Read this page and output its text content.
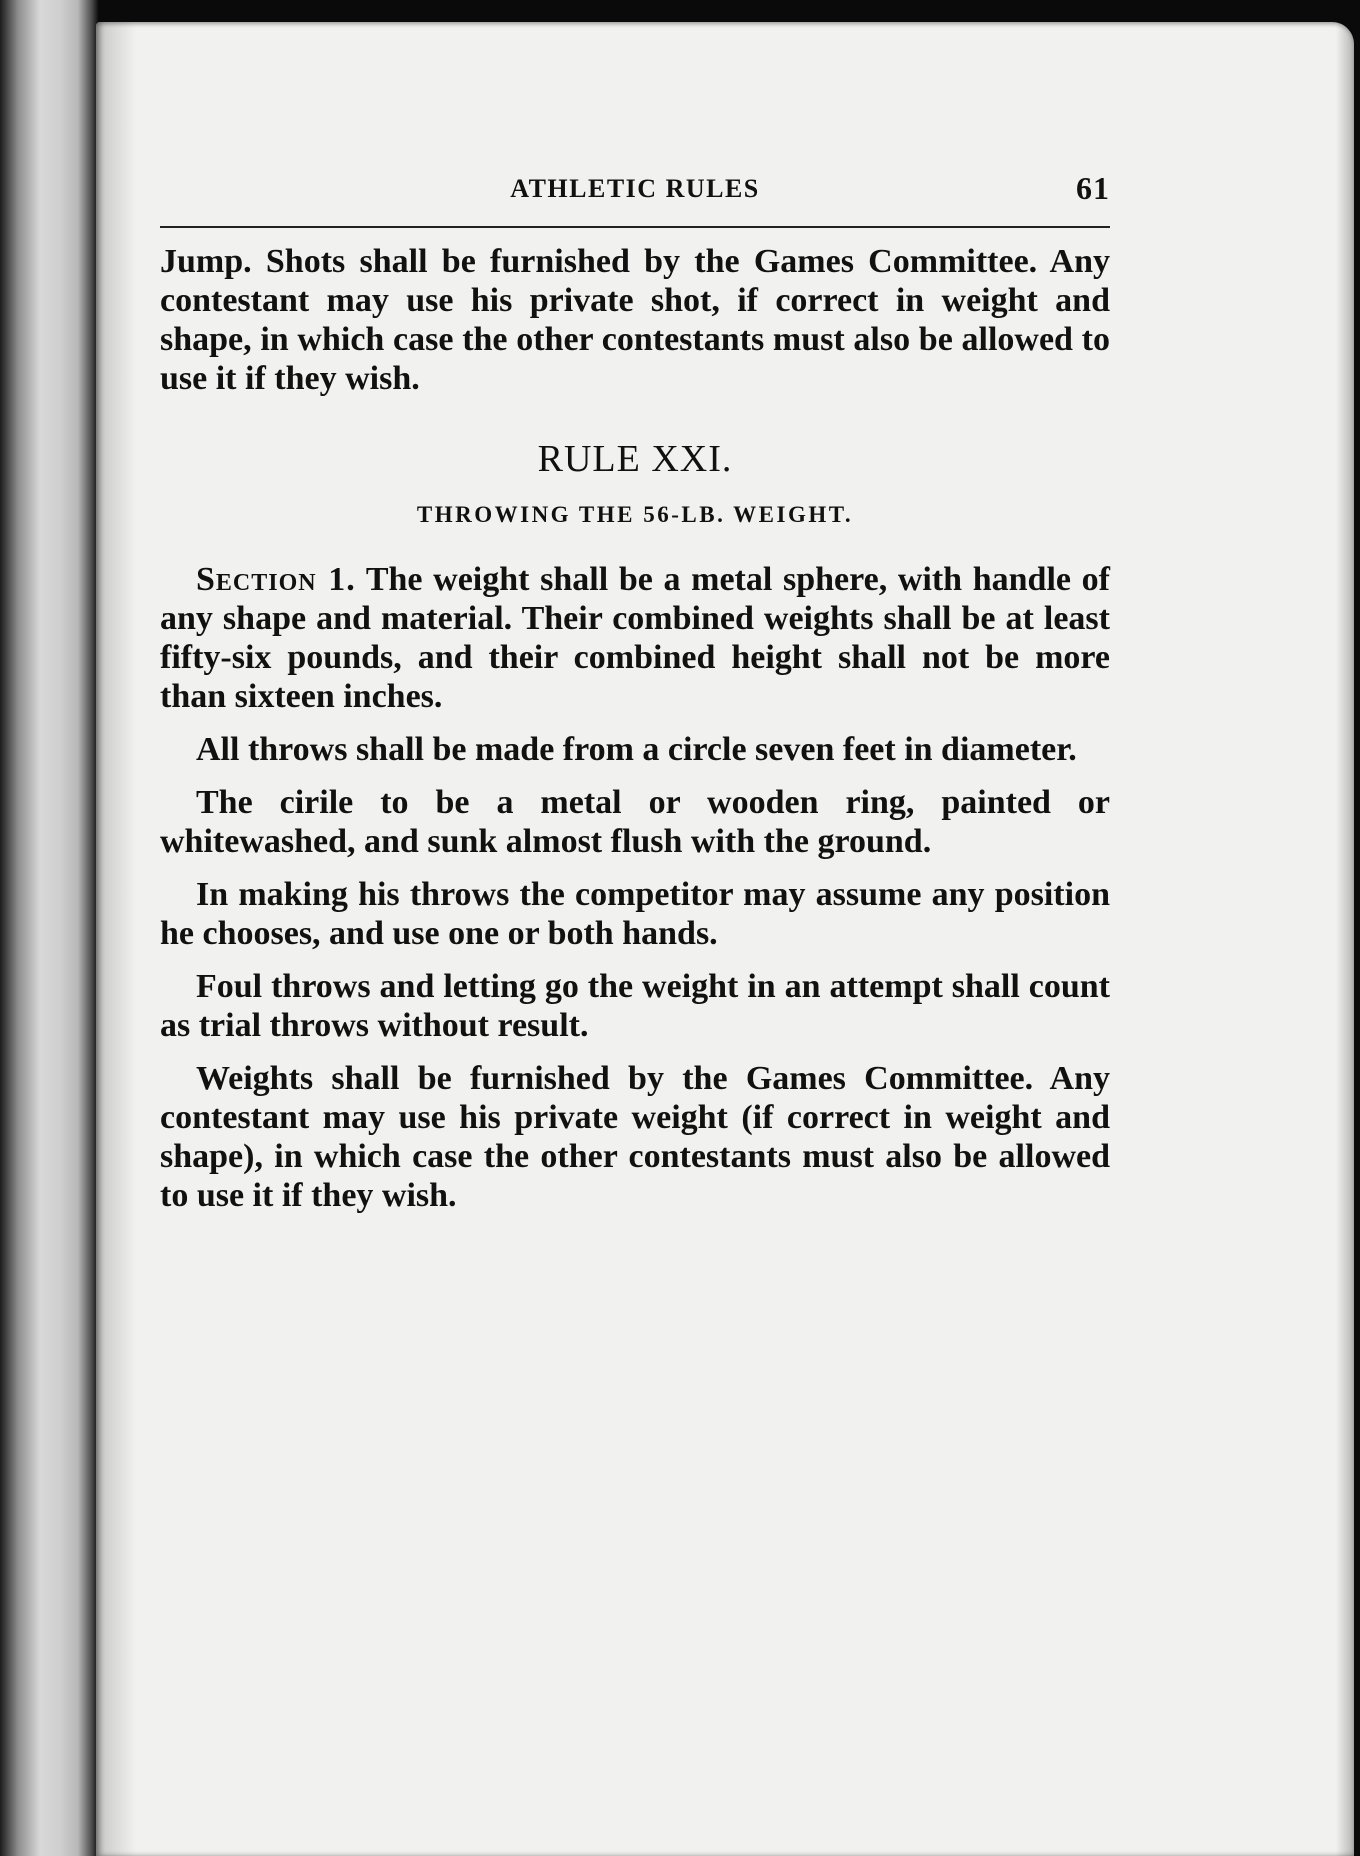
ATHLETIC RULES	61

Jump. Shots shall be furnished by the Games Committee. Any contestant may use his private shot, if correct in weight and shape, in which case the other contestants must also be allowed to use it if they wish.

RULE XXI.

THROWING THE 56-LB. WEIGHT.

Section 1. The weight shall be a metal sphere, with handle of any shape and material. Their combined weights shall be at least fifty-six pounds, and their combined height shall not be more than sixteen inches.

All throws shall be made from a circle seven feet in diameter.

The cirile to be a metal or wooden ring, painted or whitewashed, and sunk almost flush with the ground.

In making his throws the competitor may assume any position he chooses, and use one or both hands.

Foul throws and letting go the weight in an attempt shall count as trial throws without result.

Weights shall be furnished by the Games Committee. Any contestant may use his private weight (if correct in weight and shape), in which case the other contestants must also be allowed to use it if they wish.
